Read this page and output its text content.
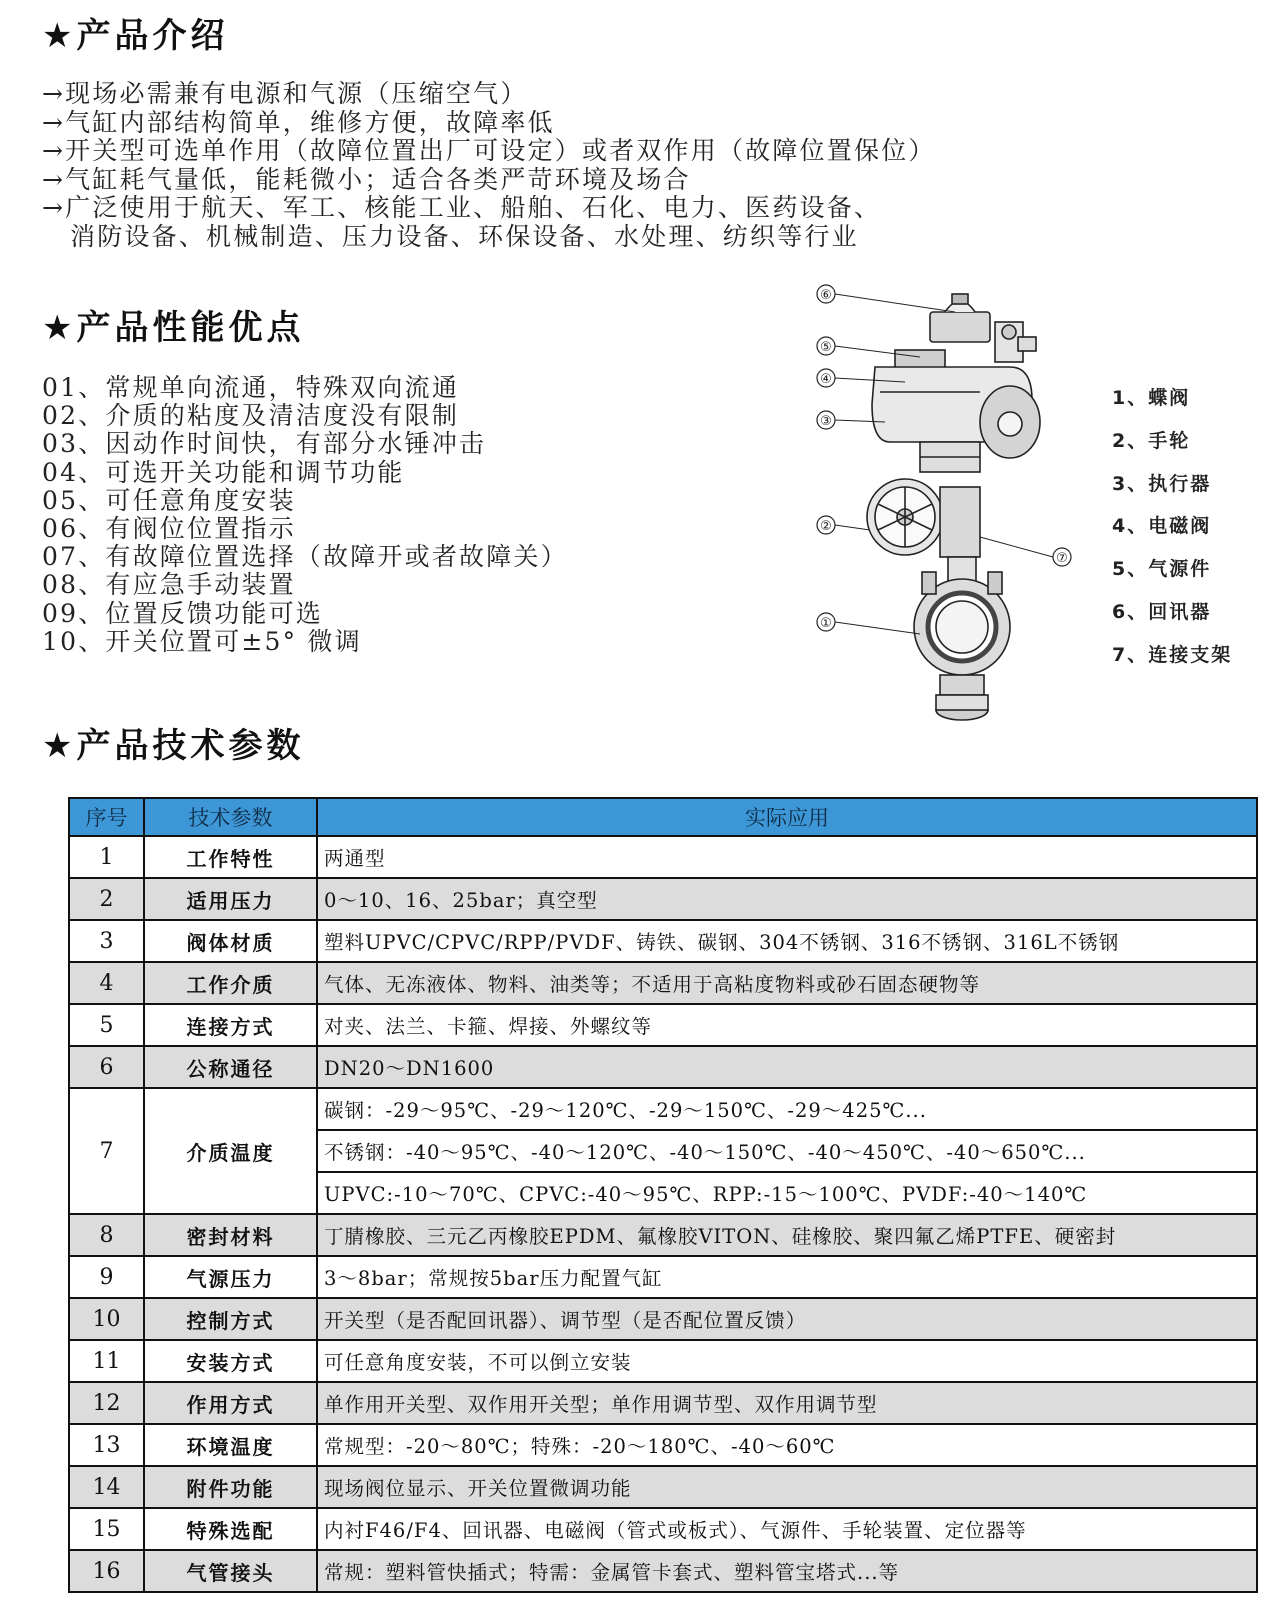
★产品介绍
→现场必需兼有电源和气源（压缩空气）
→气缸内部结构简单，维修方便，故障率低
→开关型可选单作用（故障位置出厂可设定）或者双作用（故障位置保位）
→气缸耗气量低，能耗微小；适合各类严苛环境及场合
→广泛使用于航天、军工、核能工业、船舶、石化、电力、医药设备、
消防设备、机械制造、压力设备、环保设备、水处理、纺织等行业
★产品性能优点
01、常规单向流通，特殊双向流通
02、介质的粘度及清洁度没有限制
03、因动作时间快，有部分水锤冲击
04、可选开关功能和调节功能
05、可任意角度安装
06、有阀位位置指示
07、有故障位置选择（故障开或者故障关）
08、有应急手动装置
09、位置反馈功能可选
10、开关位置可±5° 微调
⑥
⑤
④
③
②
⑦
①
1、蝶阀
2、手轮
3、执行器
4、电磁阀
5、气源件
6、回讯器
7、连接支架
★产品技术参数
序号	技术参数	实际应用
1	工作特性	两通型
2	适用压力	0～10、16、25bar；真空型
3	阀体材质	塑料UPVC/CPVC/RPP/PVDF、铸铁、碳钢、304不锈钢、316不锈钢、316L不锈钢
4	工作介质	气体、无冻液体、物料、油类等；不适用于高粘度物料或砂石固态硬物等
5	连接方式	对夹、法兰、卡箍、焊接、外螺纹等
6	公称通径	DN20～DN1600
7	介质温度	碳钢：-29～95℃、-29～120℃、-29～150℃、-29～425℃...
		不锈钢：-40～95℃、-40～120℃、-40～150℃、-40～450℃、-40～650℃...
		UPVC:-10～70℃、CPVC:-40～95℃、RPP:-15～100℃、PVDF:-40～140℃
8	密封材料	丁腈橡胶、三元乙丙橡胶EPDM、氟橡胶VITON、硅橡胶、聚四氟乙烯PTFE、硬密封
9	气源压力	3～8bar；常规按5bar压力配置气缸
10	控制方式	开关型（是否配回讯器）、调节型（是否配位置反馈）
11	安装方式	可任意角度安装，不可以倒立安装
12	作用方式	单作用开关型、双作用开关型；单作用调节型、双作用调节型
13	环境温度	常规型：-20～80℃；特殊：-20～180℃、-40～60℃
14	附件功能	现场阀位显示、开关位置微调功能
15	特殊选配	内衬F46/F4、回讯器、电磁阀（管式或板式）、气源件、手轮装置、定位器等
16	气管接头	常规：塑料管快插式；特需：金属管卡套式、塑料管宝塔式...等
